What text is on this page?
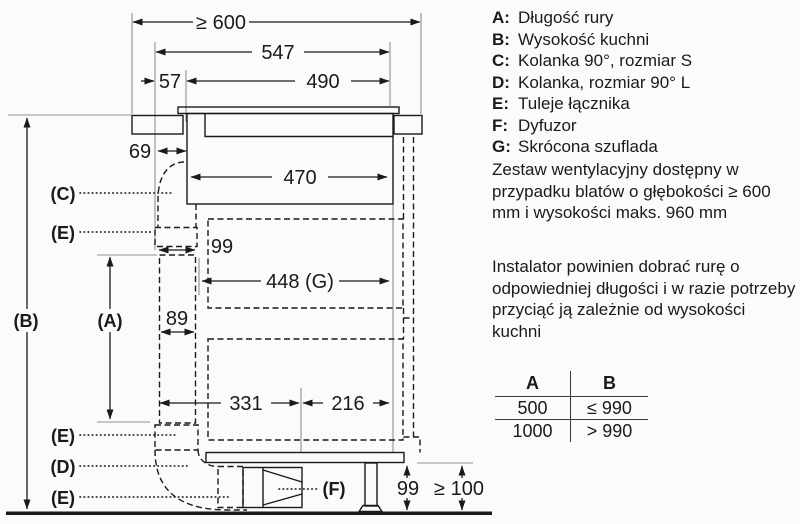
≥ 600
547
57	490
69
470
99
448 (G)
89
331	216
(A)
(B)
99 ≥ 100
(C)
(E)
(E)
(D)
(E)	(F)
A: Długość rury
B: Wysokość kuchni
C: Kolanka 90°, rozmiar S
D: Kolanka, rozmiar 90° L
E: Tuleje łącznika
F: Dyfuzor
G: Skrócona szuflada
Zestaw wentylacyjny dostępny w przypadku blatów o głębokości ≥ 600 mm i wysokości maks. 960 mm
Instalator powinien dobrać rurę o odpowiedniej długości i w razie potrzeby przyciąć ją zależnie od wysokości kuchni
A	B
500	≤ 990
1000	> 990
